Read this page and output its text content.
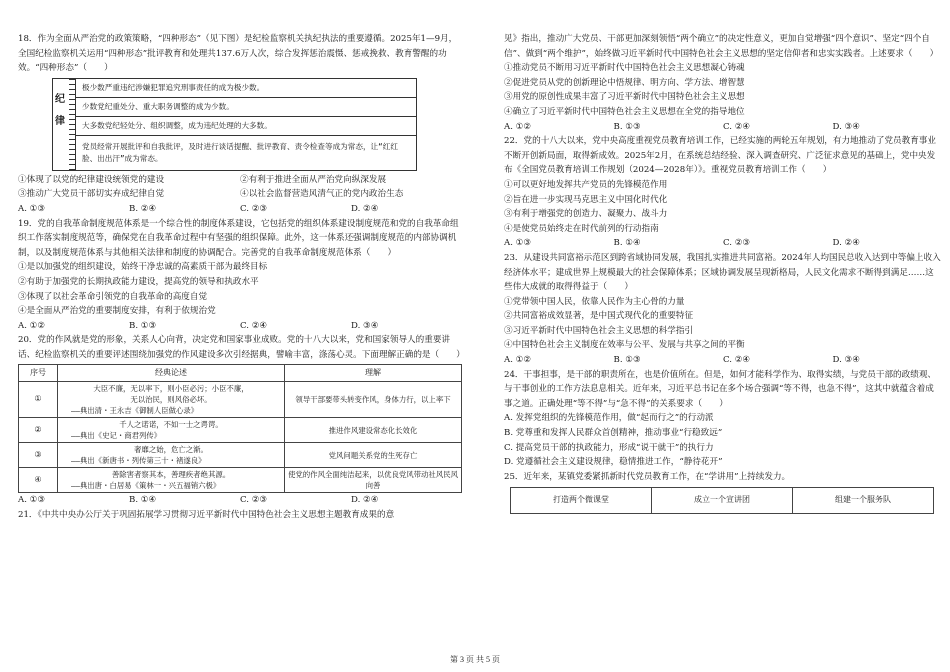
18．作为全面从严治党的政策策略，“四种形态”（见下图）是纪检监察机关执纪执法的重要遵循。2025年1—9月，全国纪检监察机关运用“四种形态”批评教育和处理共137.6万人次，综合发挥惩治震慑、惩戒挽救、教育警醒的功效。“四种形态”（　　）

纪律
极少数严重违纪涉嫌犯罪追究刑事责任的成为极少数。
少数党纪重处分、重大职务调整的成为少数。
大多数党纪轻处分、组织调整，成为违纪处理的大多数。
党员经常开展批评和自我批评，及时进行谈话提醒、批评教育、责令检查等成为常态，让“红红脸、出出汗”成为常态。
①体现了以党的纪律建设统领党的建设	②有利于推进全面从严治党向纵深发展
③推动广大党员干部切实弃成纪律自觉	④以社会监督营造风清气正的党内政治生态
A. ①③	B. ②④	C. ②③	D. ②④

19．党的自我革命制度规范体系是一个综合性的制度体系建设，它包括党的组织体系建设制度规范和党的自我革命组织工作落实制度规范等，确保党在自我革命过程中有坚强的组织保障。此外，这一体系还强调制度规范的内部协调机制，以及制度规范体系与其他相关法律和制度的协调配合。完善党的自我革命制度规范体系（　　）

①是以加强党的组织建设，始终干净忠诚的高素质干部为最终目标

②有助于加强党的长期执政能力建设，提高党的领导和执政水平

③体现了以社会革命引领党的自我革命的高度自觉

④是全面从严治党的重要制度安排，有利于依规治党

A. ①②	B. ①③	C. ②④	D. ③④

20．党的作风就是党的形象，关系人心向背，决定党和国家事业成败。党的十八大以来，党和国家领导人的重要讲话、纪检监察机关的重要评述围绕加强党的作风建设多次引经据典，譬喻丰富，涤荡心灵。下面理解正确的是（　　）

序号	经典论述	理解
①	大臣不廉，无以率下，则小臣必污；小臣不廉，
无以治民，则风俗必坏。
——典出清・王永吉《御制人臣做心录》	领导干部要带头转变作风，身体力行，以上率下
②	千人之诺诺，不如一士之谔谔。
——典出《史记・商君列传》	推进作风建设常态化长效化
③	奢靡之始，危亡之渐。
——典出《新唐书・列传第三十・褚遂良》	党风问题关系党的生死存亡
④	善除害者察其本，善理疾者绝其源。
——典出唐・白居易《策林一・兴五福销六极》	使党的作风全面纯洁起来，以优良党风带动社风民风向善
A. ①③	B. ①④	C. ②③	D. ②④

21．《中共中央办公厅关于巩固拓展学习贯彻习近平新时代中国特色社会主义思想主题教育成果的意

见》指出，推动广大党员、干部更加深刻领悟“两个确立”的决定性意义，更加自觉增强“四个意识”、坚定“四个自信”、做到“两个维护”，始终做习近平新时代中国特色社会主义思想的坚定信仰者和忠实实践者。上述要求（　　）

①推动党员不断用习近平新时代中国特色社会主义思想凝心铸魂

②促进党员从党的创新理论中悟规律、明方向、学方法、增智慧

③用党的原创性成果丰富了习近平新时代中国特色社会主义思想

④确立了习近平新时代中国特色社会主义思想在全党的指导地位

A. ①②	B. ①③	C. ②④	D. ③④

22．党的十八大以来，党中央高度重视党员教育培训工作，已经实施的两轮五年规划，有力地推动了党员教育事业不断开创新局面，取得新成效。2025年2月，在系统总结经验、深入调查研究、广泛征求意见的基础上，党中央发布《全国党员教育培训工作规划（2024—2028年）》。重视党员教育培训工作（　　）

①可以更好地发挥共产党员的先锋模范作用

②旨在进一步实现马克思主义中国化时代化

③有利于增强党的创造力、凝聚力、战斗力

④是使党员始终走在时代前列的行动指南

A. ①③	B. ①④	C. ②③	D. ②④

23．从建设共同富裕示范区到跨省域协同发展，我国扎实推进共同富裕。2024年人均国民总收入达到中等偏上收入经济体水平；建成世界上规模最大的社会保障体系；区域协调发展呈现新格局，人民文化需求不断得到满足……这些伟大成就的取得得益于（　　）

①党带领中国人民，依靠人民作为主心骨的力量

②共同富裕成效显著，是中国式现代化的重要特征

③习近平新时代中国特色社会主义思想的科学指引

④中国特色社会主义制度在效率与公平、发展与共享之间的平衡

A. ①②	B. ①③	C. ②④	D. ③④

24．干事担事，是干部的职责所在，也是价值所在。但是，如何才能科学作为、取得实绩，与党员干部的政绩观、与干事创业的工作方法息息相关。近年来，习近平总书记在多个场合强调“等不得，也急不得”，这其中就蕴含着成事之道。正确处理“等不得”与“急不得”的关系要求（　　）

A. 发挥党组织的先锋模范作用，做“起而行之”的行动派

B. 党尊重和发挥人民群众首创精神，推动事业“行稳致远”

C. 提高党员干部的执政能力，形成“说干就干”的执行力

D. 党遵循社会主义建设规律，稳情推进工作，“静待花开”

25．近年来，某镇党委紧抓新时代党员教育工作，在“学讲用”上持续发力。

打造两个微课堂	成立一个宣讲团	组建一个服务队
第 3 页 共 5 页
